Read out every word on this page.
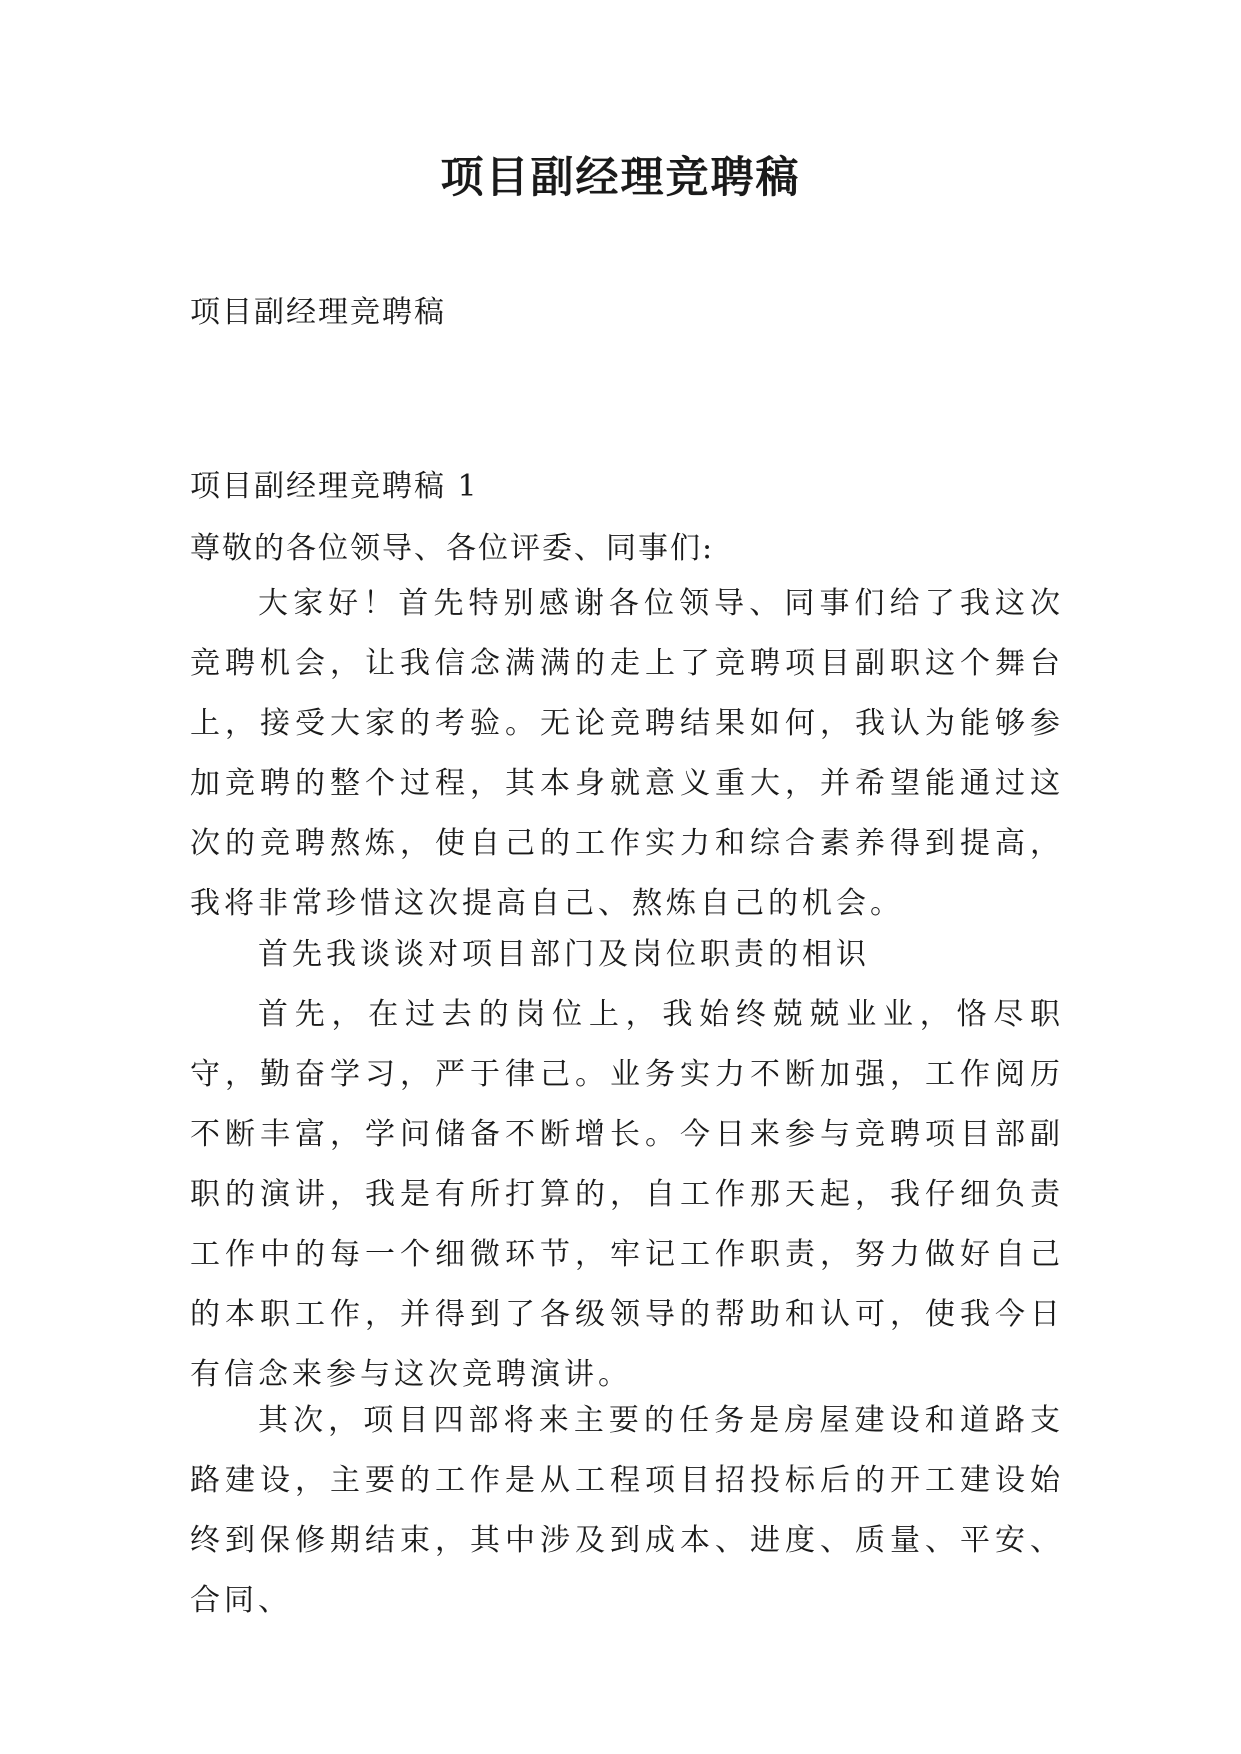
项目副经理竞聘稿

项目副经理竞聘稿

项目副经理竞聘稿 1

尊敬的各位领导、各位评委、同事们:

大家好！首先特别感谢各位领导、同事们给了我这次竞聘机会，让我信念满满的走上了竞聘项目副职这个舞台上，接受大家的考验。无论竞聘结果如何，我认为能够参加竞聘的整个过程，其本身就意义重大，并希望能通过这次的竞聘熬炼，使自己的工作实力和综合素养得到提高，我将非常珍惜这次提高自己、熬炼自己的机会。

首先我谈谈对项目部门及岗位职责的相识

首先，在过去的岗位上，我始终兢兢业业，恪尽职守，勤奋学习，严于律己。业务实力不断加强，工作阅历不断丰富，学问储备不断增长。今日来参与竞聘项目部副职的演讲，我是有所打算的，自工作那天起，我仔细负责工作中的每一个细微环节，牢记工作职责，努力做好自己的本职工作，并得到了各级领导的帮助和认可，使我今日有信念来参与这次竞聘演讲。

其次，项目四部将来主要的任务是房屋建设和道路支路建设，主要的工作是从工程项目招投标后的开工建设始终到保修期结束，其中涉及到成本、进度、质量、平安、合同、
